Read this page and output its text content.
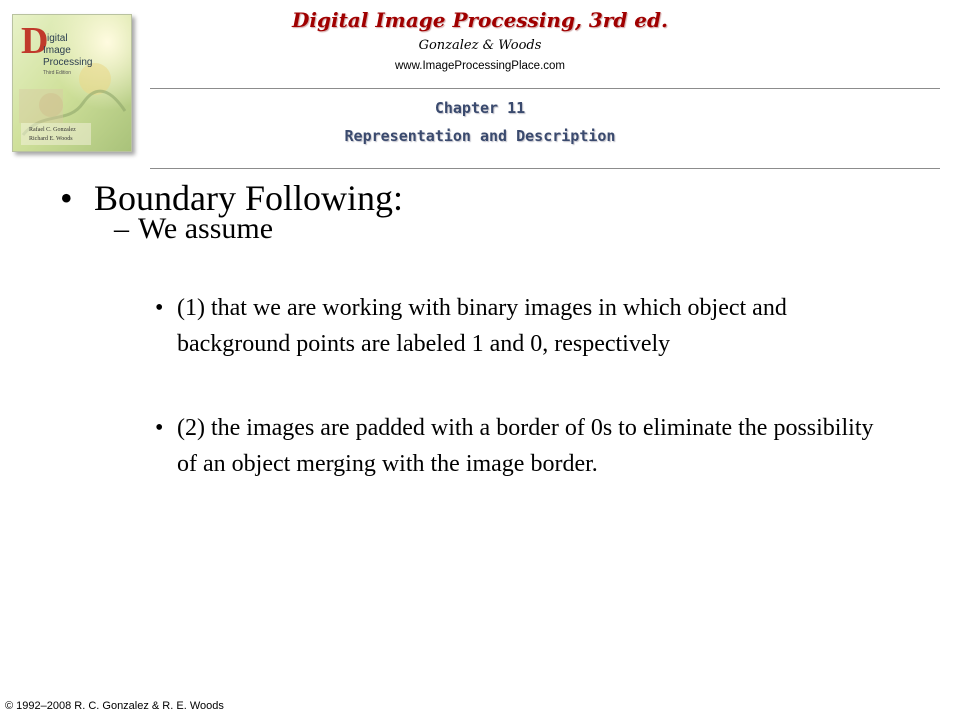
D
igital
Image
Processing
Third Edition
Rafael C. Gonzalez
Richard E. Woods
Digital Image Processing, 3rd ed.
Gonzalez & Woods
www.ImageProcessingPlace.com
Chapter 11
Representation and Description
• Boundary Following:
– We assume
• (1) that we are working with binary images in which object and background points are labeled 1 and 0, respectively
• (2) the images are padded with a border of 0s to eliminate the possibility of an object merging with the image border.
© 1992–2008 R. C. Gonzalez & R. E. Woods
